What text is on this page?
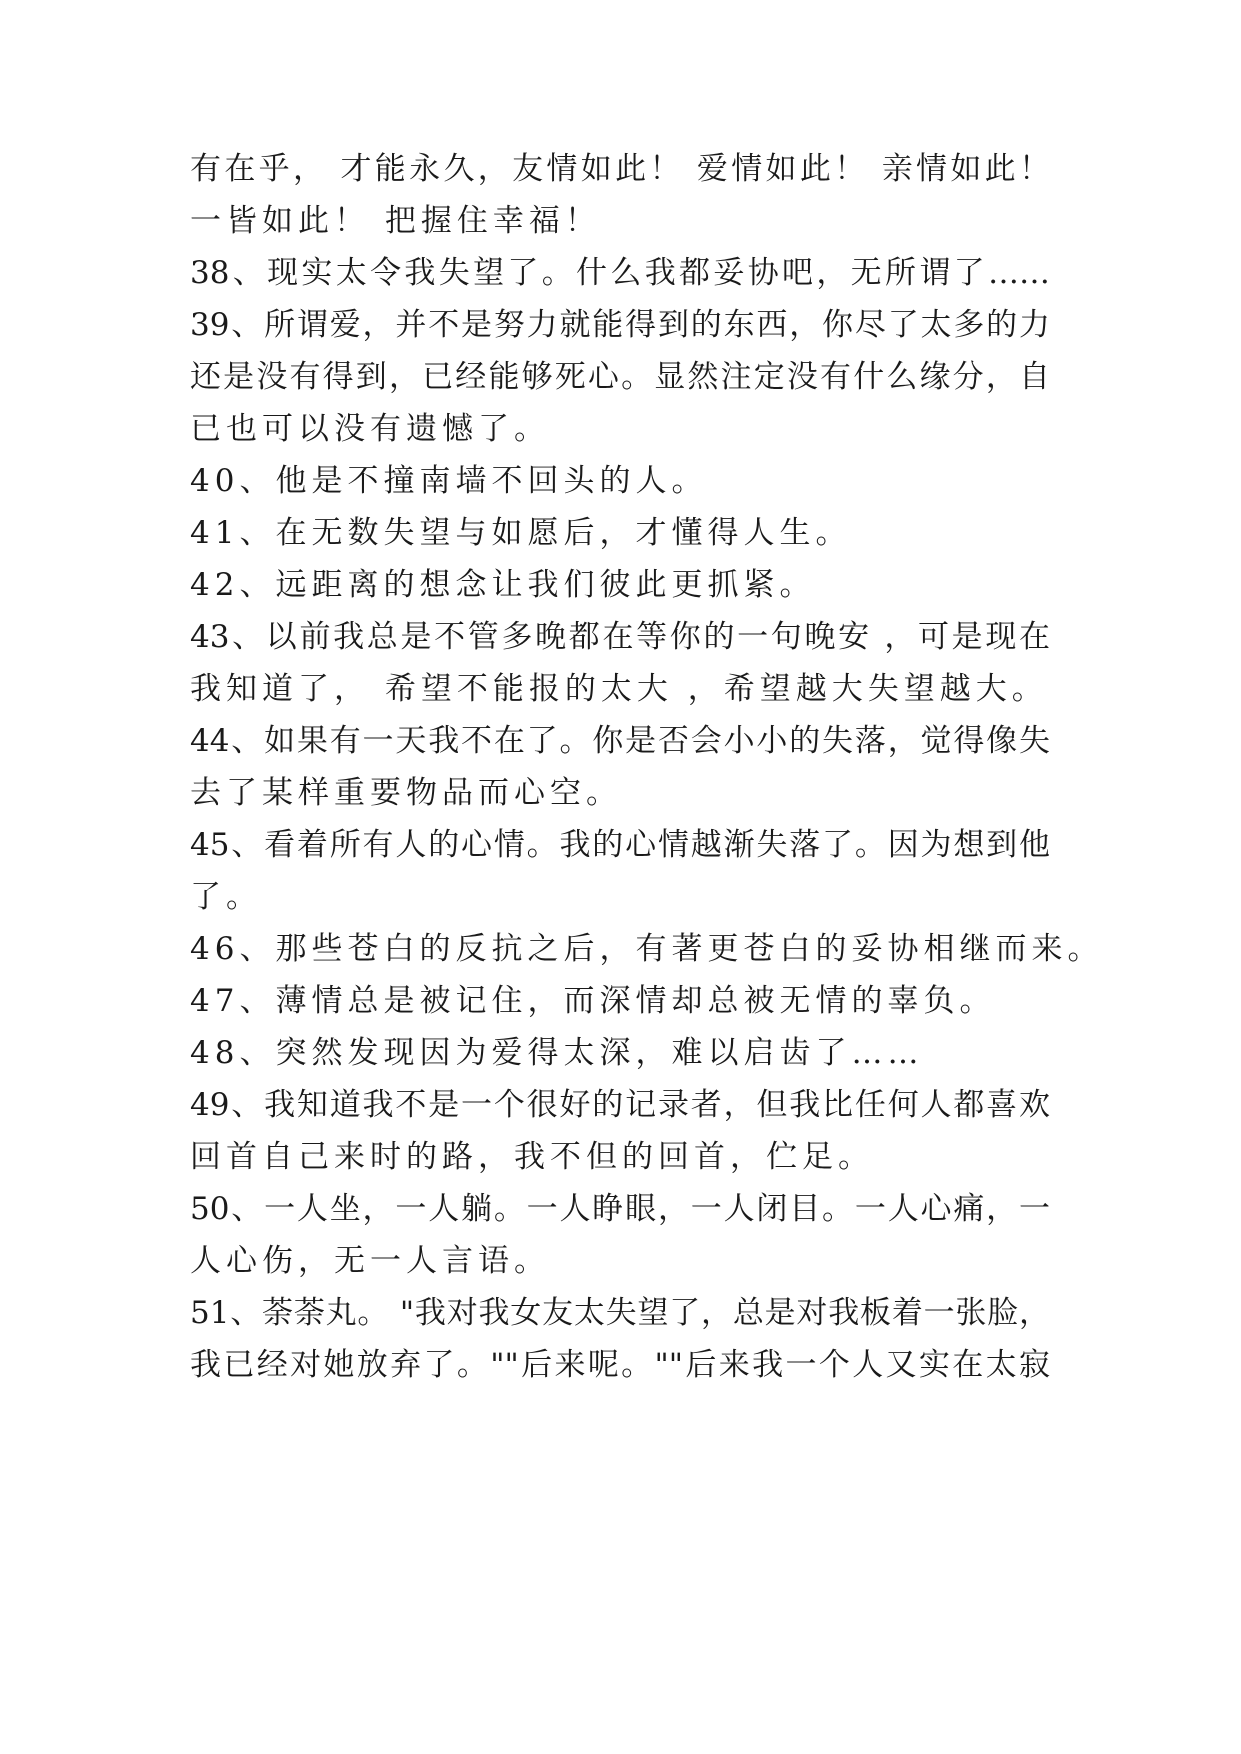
有在乎， 才能永久，友情如此！ 爱情如此！ 亲情如此！
一皆如此！ 把握住幸福！
38、现实太令我失望了。什么我都妥协吧，无所谓了……
39、所谓爱，并不是努力就能得到的东西，你尽了太多的力
还是没有得到，已经能够死心。显然注定没有什么缘分，自
已也可以没有遗憾了。
40、他是不撞南墙不回头的人。
41、在无数失望与如愿后，才懂得人生。
42、远距离的想念让我们彼此更抓紧。
43、以前我总是不管多晚都在等你的一句晚安 ，可是现在
我知道了， 希望不能报的太大 ，希望越大失望越大。
44、如果有一天我不在了。你是否会小小的失落，觉得像失
去了某样重要物品而心空。
45、看着所有人的心情。我的心情越渐失落了。因为想到他
了。
46、那些苍白的反抗之后，有著更苍白的妥协相继而来。
47、薄情总是被记住，而深情却总被无情的辜负。
48、突然发现因为爱得太深，难以启齿了……
49、我知道我不是一个很好的记录者，但我比任何人都喜欢
回首自己来时的路，我不但的回首，伫足。
50、一人坐，一人躺。一人睁眼，一人闭目。一人心痛，一
人心伤，无一人言语。
51、荼荼丸。 "我对我女友太失望了，总是对我板着一张脸，
我已经对她放弃了。""后来呢。""后来我一个人又实在太寂
